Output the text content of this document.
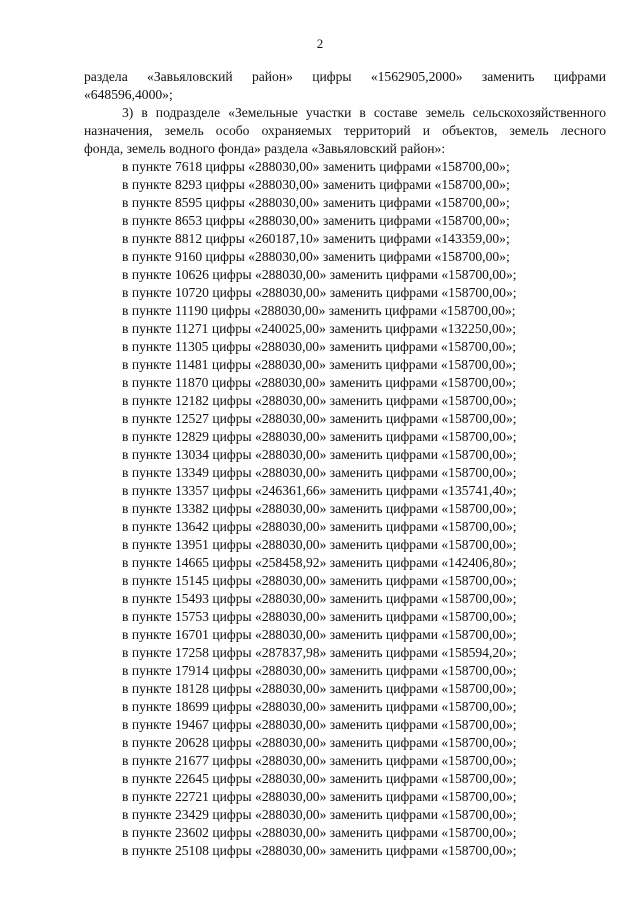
2
раздела «Завьяловский район» цифры «1562905,2000» заменить цифрами
«648596,4000»;
3) в подразделе «Земельные участки в составе земель сельскохозяйственного
назначения, земель особо охраняемых территорий и объектов, земель лесного
фонда, земель водного фонда» раздела «Завьяловский район»:
в пункте 7618 цифры «288030,00» заменить цифрами «158700,00»;
в пункте 8293 цифры «288030,00» заменить цифрами «158700,00»;
в пункте 8595 цифры «288030,00» заменить цифрами «158700,00»;
в пункте 8653 цифры «288030,00» заменить цифрами «158700,00»;
в пункте 8812 цифры «260187,10» заменить цифрами «143359,00»;
в пункте 9160 цифры «288030,00» заменить цифрами «158700,00»;
в пункте 10626 цифры «288030,00» заменить цифрами «158700,00»;
в пункте 10720 цифры «288030,00» заменить цифрами «158700,00»;
в пункте 11190 цифры «288030,00» заменить цифрами «158700,00»;
в пункте 11271 цифры «240025,00» заменить цифрами «132250,00»;
в пункте 11305 цифры «288030,00» заменить цифрами «158700,00»;
в пункте 11481 цифры «288030,00» заменить цифрами «158700,00»;
в пункте 11870 цифры «288030,00» заменить цифрами «158700,00»;
в пункте 12182 цифры «288030,00» заменить цифрами «158700,00»;
в пункте 12527 цифры «288030,00» заменить цифрами «158700,00»;
в пункте 12829 цифры «288030,00» заменить цифрами «158700,00»;
в пункте 13034 цифры «288030,00» заменить цифрами «158700,00»;
в пункте 13349 цифры «288030,00» заменить цифрами «158700,00»;
в пункте 13357 цифры «246361,66» заменить цифрами «135741,40»;
в пункте 13382 цифры «288030,00» заменить цифрами «158700,00»;
в пункте 13642 цифры «288030,00» заменить цифрами «158700,00»;
в пункте 13951 цифры «288030,00» заменить цифрами «158700,00»;
в пункте 14665 цифры «258458,92» заменить цифрами «142406,80»;
в пункте 15145 цифры «288030,00» заменить цифрами «158700,00»;
в пункте 15493 цифры «288030,00» заменить цифрами «158700,00»;
в пункте 15753 цифры «288030,00» заменить цифрами «158700,00»;
в пункте 16701 цифры «288030,00» заменить цифрами «158700,00»;
в пункте 17258 цифры «287837,98» заменить цифрами «158594,20»;
в пункте 17914 цифры «288030,00» заменить цифрами «158700,00»;
в пункте 18128 цифры «288030,00» заменить цифрами «158700,00»;
в пункте 18699 цифры «288030,00» заменить цифрами «158700,00»;
в пункте 19467 цифры «288030,00» заменить цифрами «158700,00»;
в пункте 20628 цифры «288030,00» заменить цифрами «158700,00»;
в пункте 21677 цифры «288030,00» заменить цифрами «158700,00»;
в пункте 22645 цифры «288030,00» заменить цифрами «158700,00»;
в пункте 22721 цифры «288030,00» заменить цифрами «158700,00»;
в пункте 23429 цифры «288030,00» заменить цифрами «158700,00»;
в пункте 23602 цифры «288030,00» заменить цифрами «158700,00»;
в пункте 25108 цифры «288030,00» заменить цифрами «158700,00»;
